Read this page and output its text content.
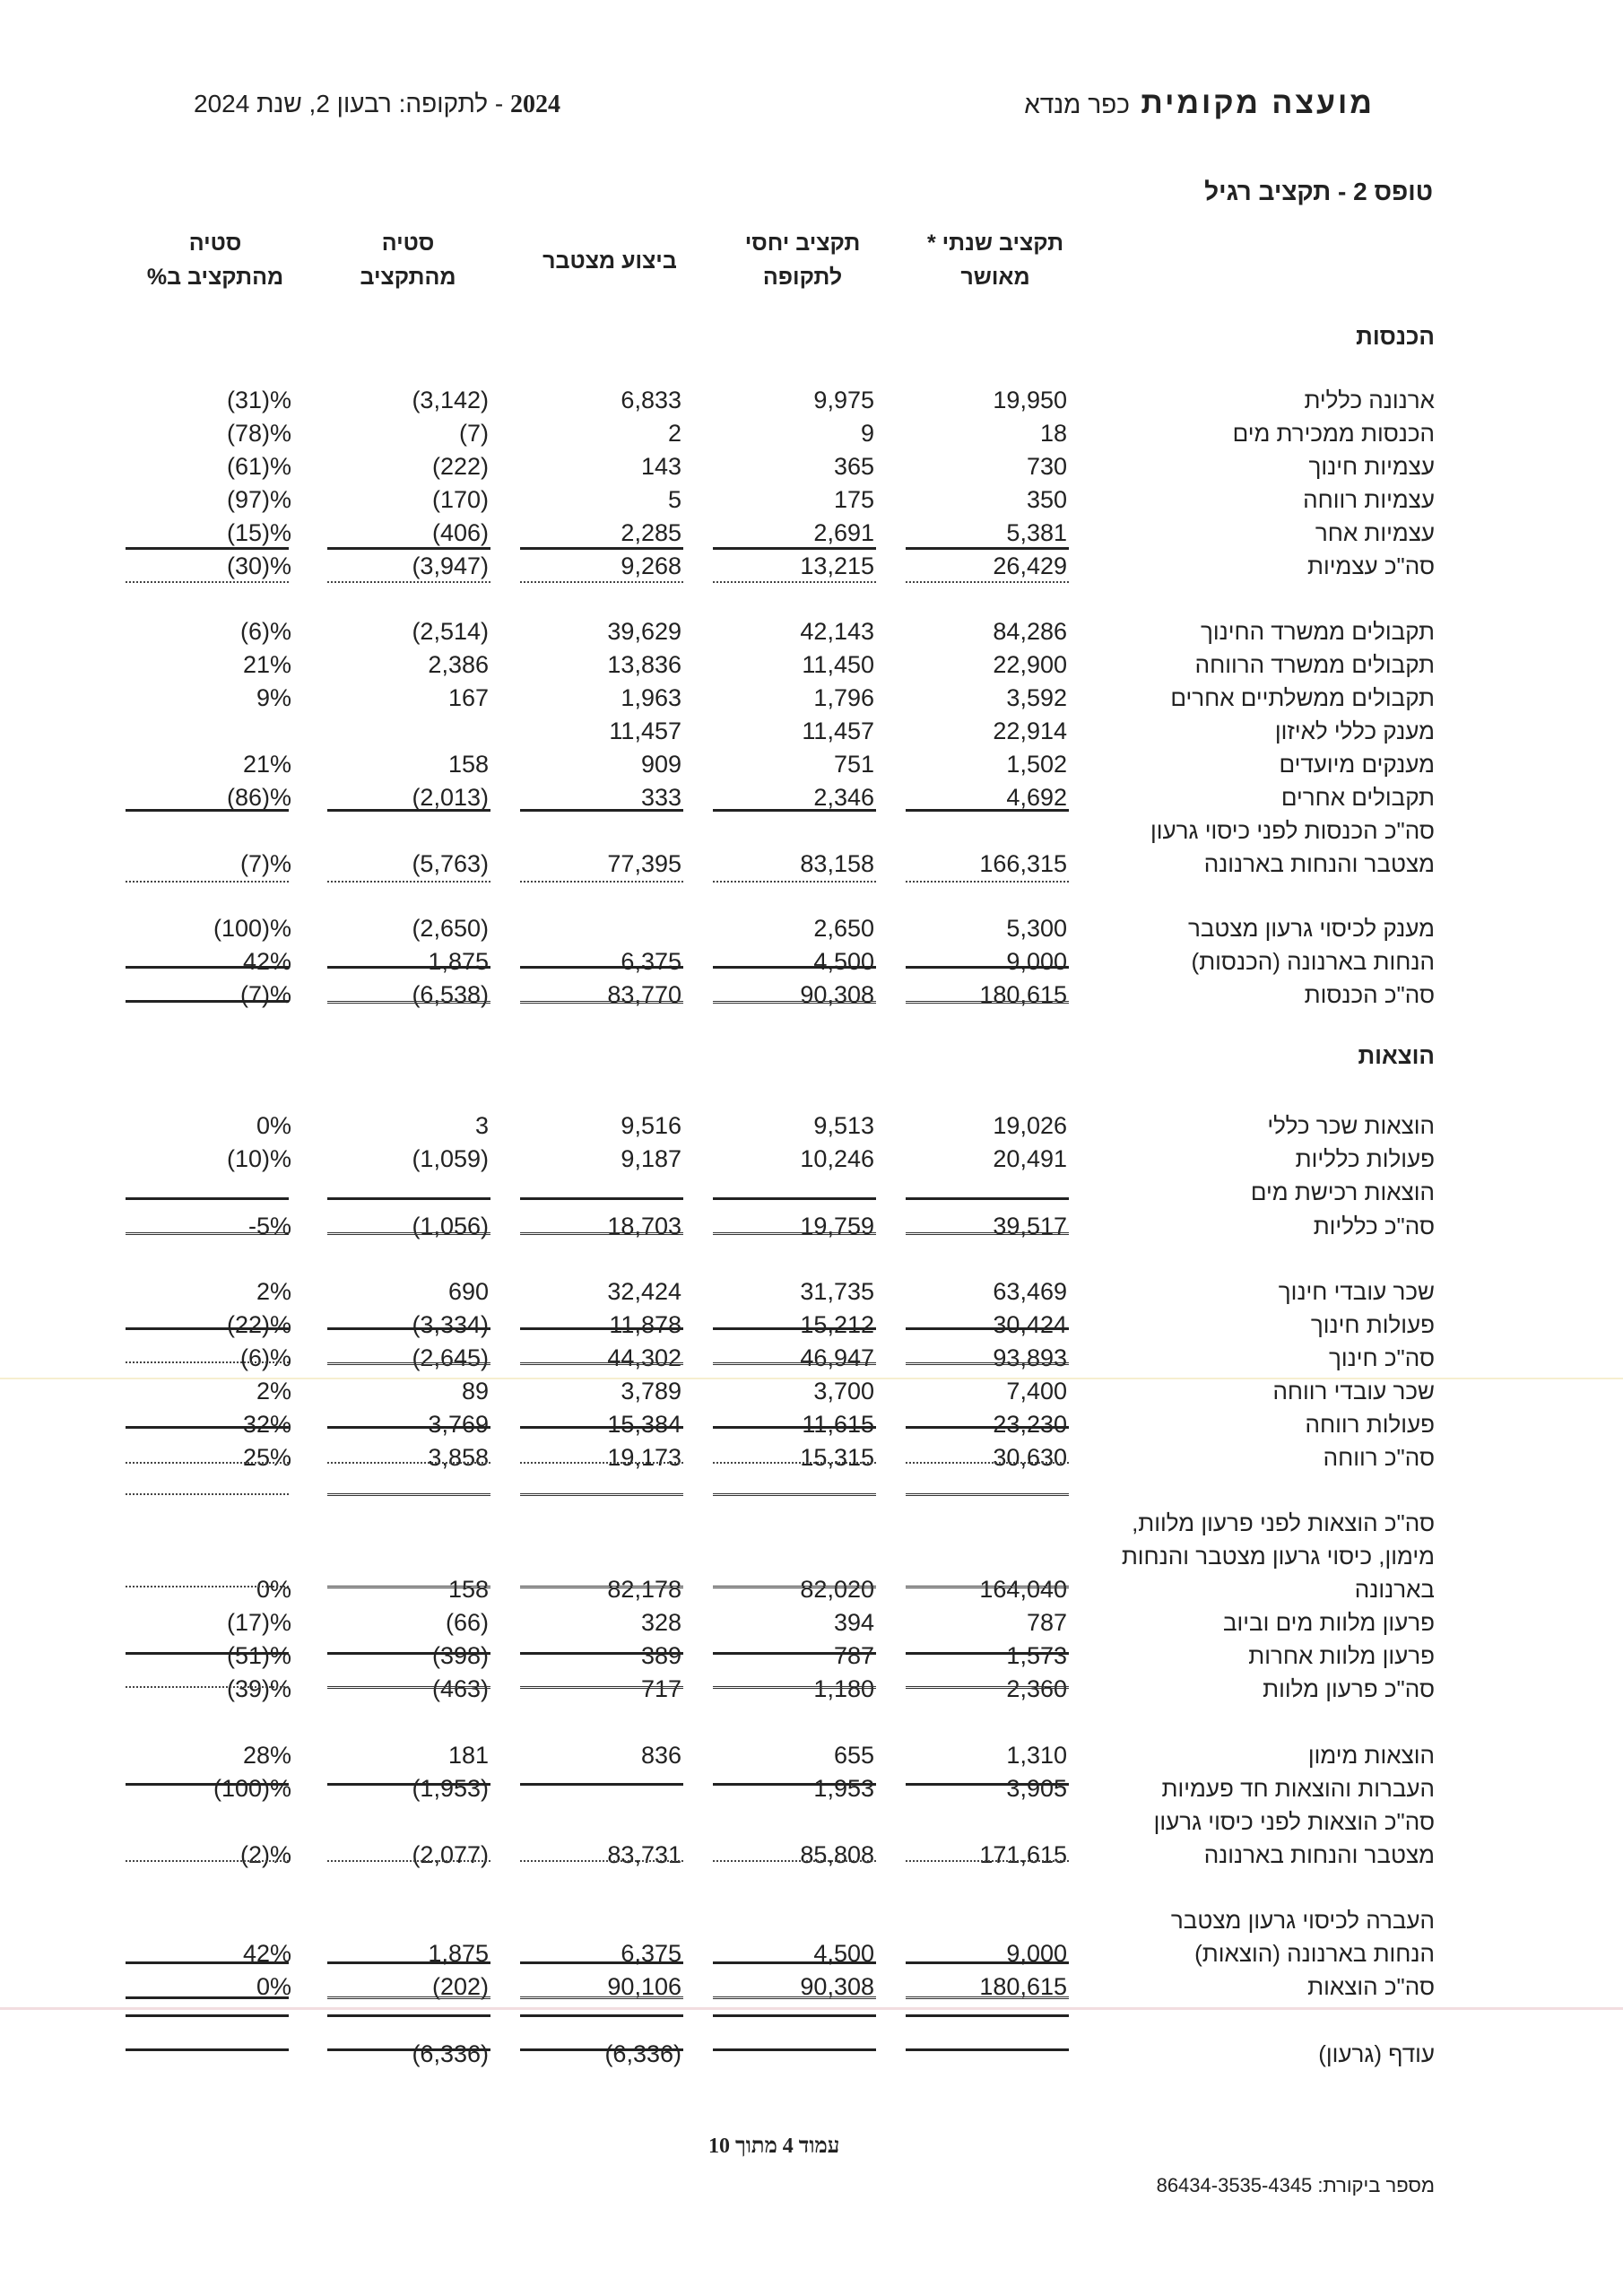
מועצה מקומית כפר מנדא
2024 - לתקופה: רבעון 2, שנת 2024
טופס 2 - תקציב רגיל
תקציב שנתי *
מאושר
תקציב יחסי
לתקופה
ביצוע מצטבר
סטיה
מהתקציב
סטיה
מהתקציב ב%
הכנסות
ארנונה כללית
19,950
9,975
6,833
(3,142)
(31)%
הכנסות ממכירת מים
18
9
2
(7)
(78)%
עצמיות חינוך
730
365
143
(222)
(61)%
עצמיות רווחה
350
175
5
(170)
(97)%
עצמיות אחר
5,381
2,691
2,285
(406)
(15)%
סה"כ עצמיות
26,429
13,215
9,268
(3,947)
(30)%
תקבולים ממשרד החינוך
84,286
42,143
39,629
(2,514)
(6)%
תקבולים ממשרד הרווחה
22,900
11,450
13,836
2,386
21%
תקבולים ממשלתיים אחרים
3,592
1,796
1,963
167
9%
מענק כללי לאיזון
22,914
11,457
11,457
מענקים מיועדים
1,502
751
909
158
21%
תקבולים אחרים
4,692
2,346
333
(2,013)
(86)%
סה"כ הכנסות לפני כיסוי גרעון
מצטבר והנחות בארנונה
166,315
83,158
77,395
(5,763)
(7)%
מענק לכיסוי גרעון מצטבר
5,300
2,650
(2,650)
(100)%
הנחות בארנונה (הכנסות)
9,000
4,500
6,375
1,875
42%
סה"כ הכנסות
180,615
90,308
83,770
(6,538)
(7)%
הוצאות שכר כללי
19,026
9,513
9,516
3
0%
פעולות כלליות
20,491
10,246
9,187
(1,059)
(10)%
הוצאות רכישת מים
סה"כ כלליות
39,517
19,759
18,703
(1,056)
-5%
שכר עובדי חינוך
63,469
31,735
32,424
690
2%
פעולות חינוך
30,424
15,212
11,878
(3,334)
(22)%
סה"כ חינוך
93,893
46,947
44,302
(2,645)
(6)%
שכר עובדי רווחה
7,400
3,700
3,789
89
2%
פעולות רווחה
23,230
11,615
15,384
3,769
32%
סה"כ רווחה
30,630
15,315
19,173
3,858
25%
סה"כ הוצאות לפני פרעון מלוות,
מימון, כיסוי גרעון מצטבר והנחות
בארנונה
164,040
82,020
82,178
158
0%
פרעון מלוות מים וביוב
787
394
328
(66)
(17)%
פרעון מלוות אחרות
1,573
787
389
(398)
(51)%
סה"כ פרעון מלוות
2,360
1,180
717
(463)
(39)%
הוצאות מימון
1,310
655
836
181
28%
העברות והוצאות חד פעמיות
3,905
1,953
(1,953)
(100)%
סה"כ הוצאות לפני כיסוי גרעון
מצטבר והנחות בארנונה
171,615
85,808
83,731
(2,077)
(2)%
העברה לכיסוי גרעון מצטבר
הנחות בארנונה (הוצאות)
9,000
4,500
6,375
1,875
42%
סה"כ הוצאות
180,615
90,308
90,106
(202)
0%
עודף (גרעון)
(6,336)
(6,336)
הוצאות
עמוד 4 מתוך 10
מספר ביקורת: 86434-3535-4345
